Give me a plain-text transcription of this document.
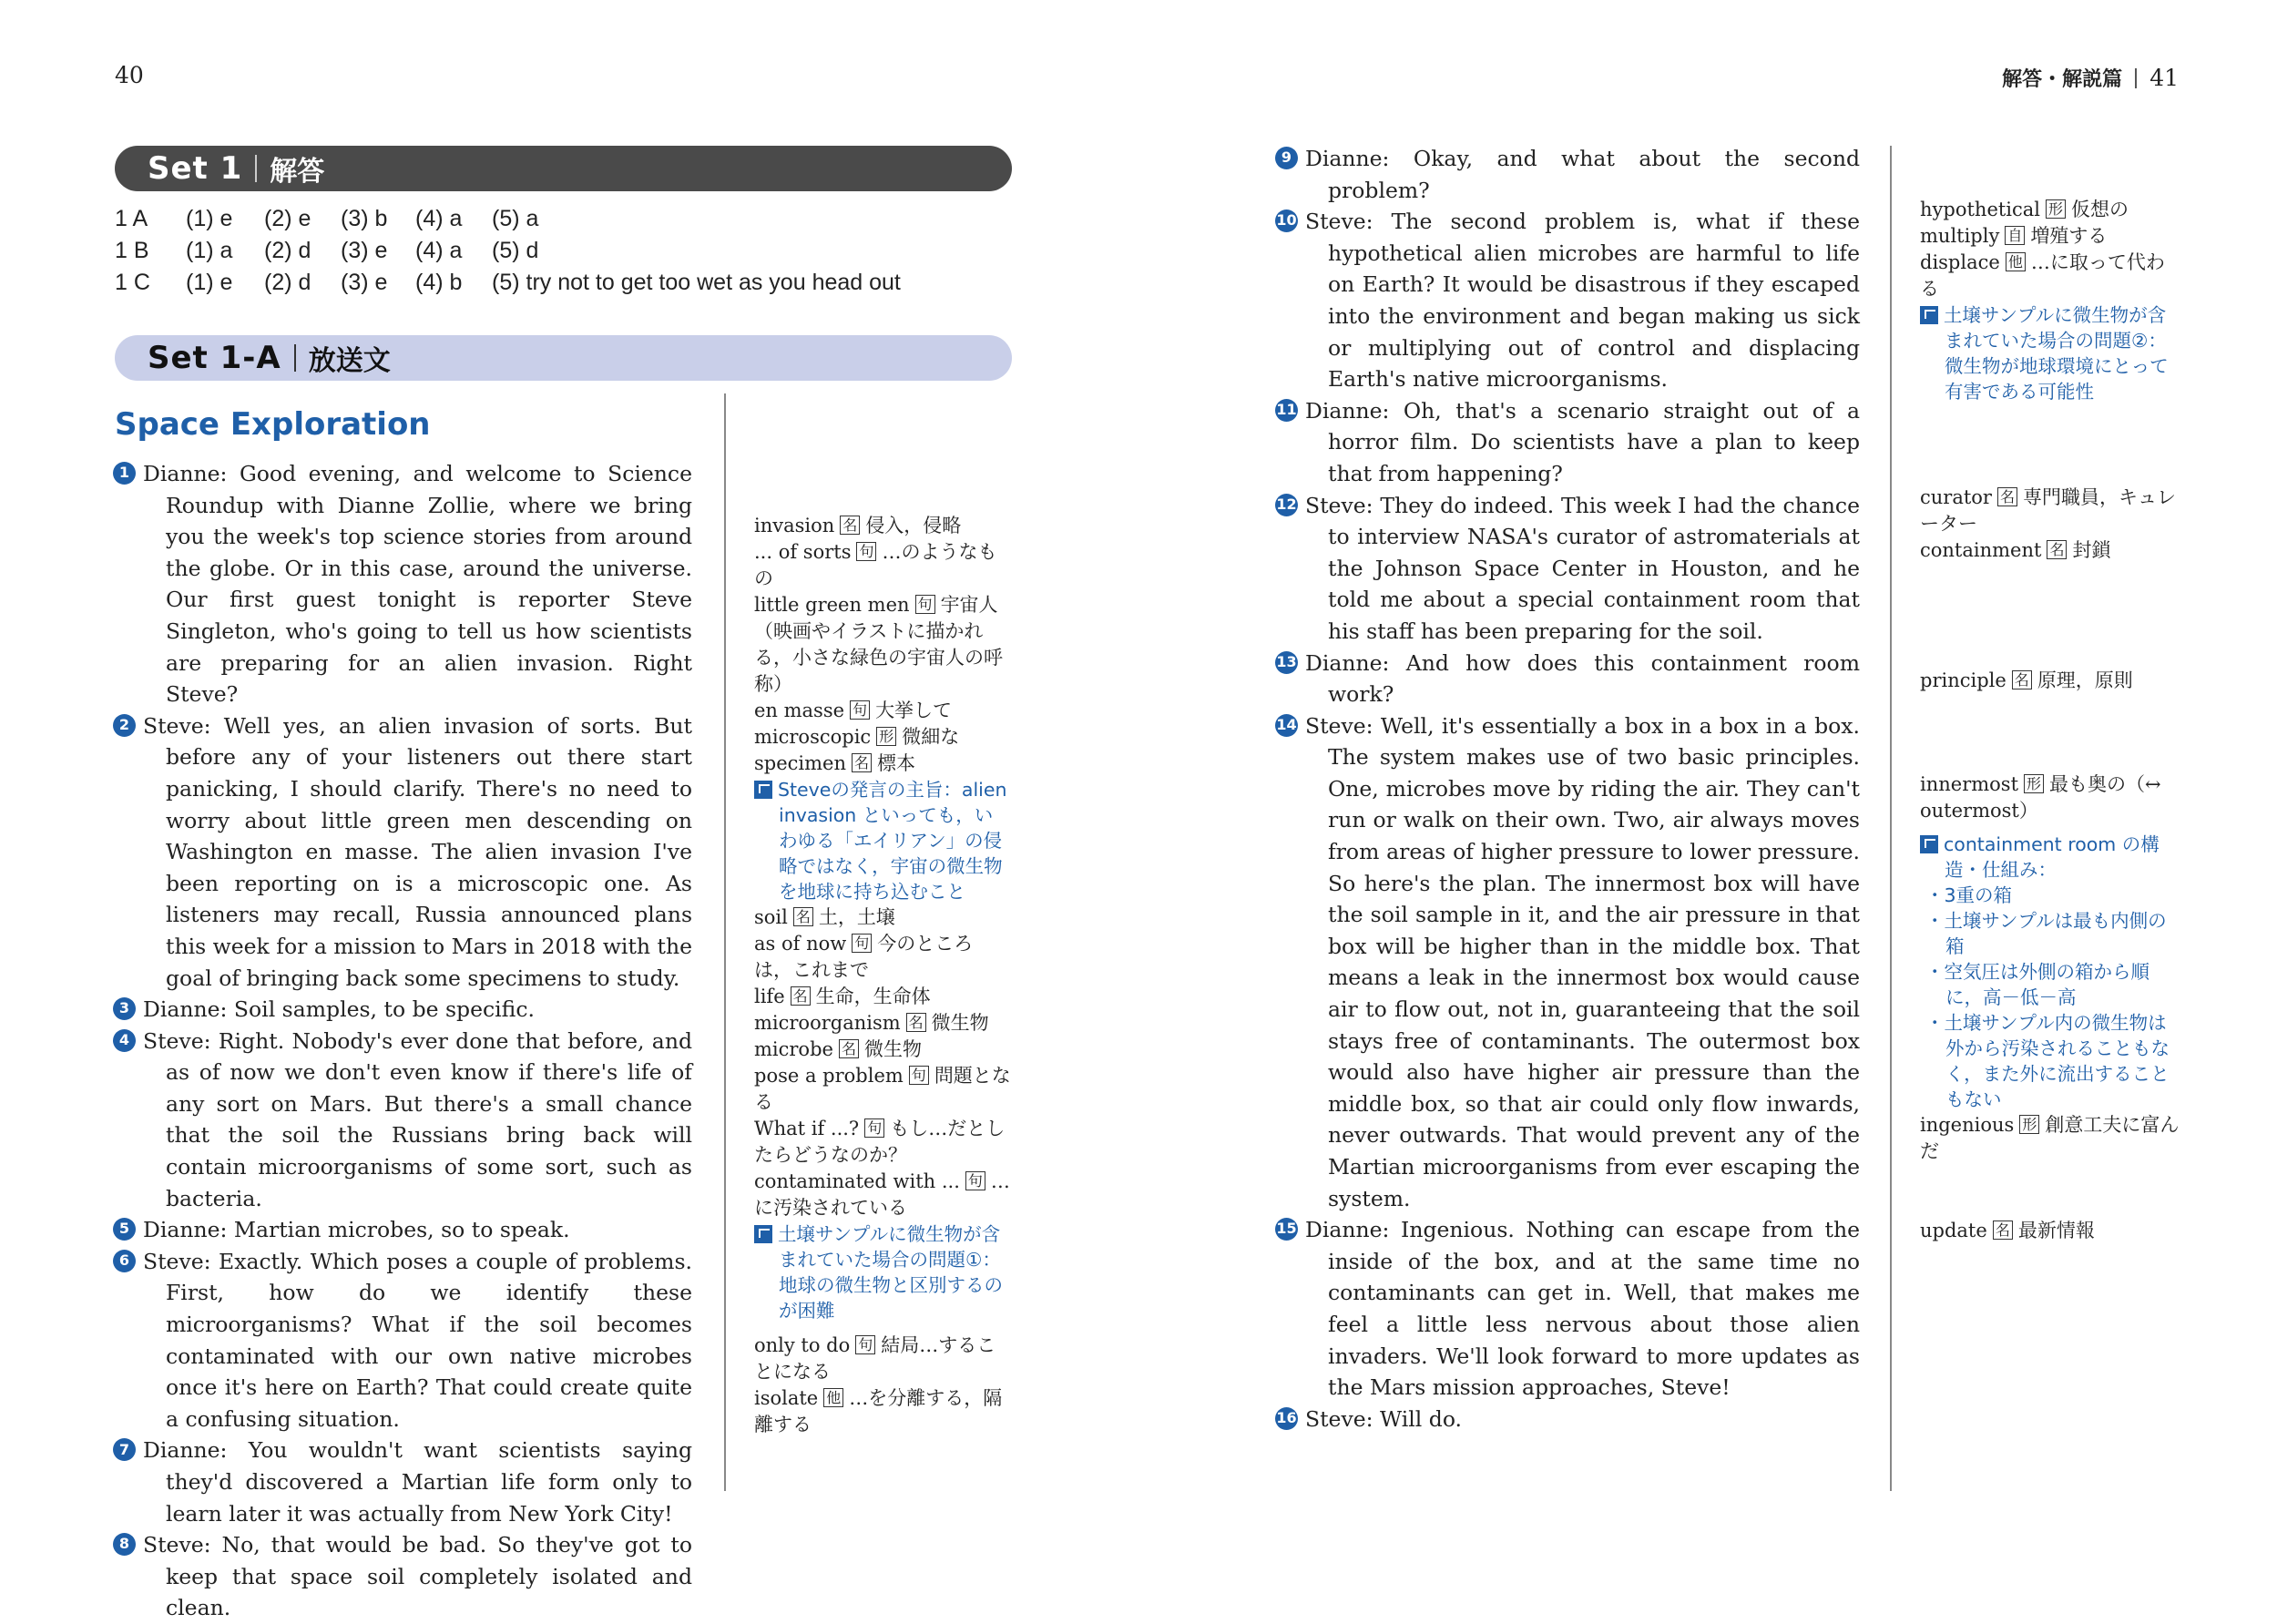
40	解答・解説篇 41
Set 1 解答
1 A (1) e (2) e (3) b (4) a (5) a
1 B (1) a (2) d (3) e (4) a (5) d
1 C (1) e (2) d (3) e (4) b (5) try not to get too wet as you head out
Set 1-A 放送文
Space Exploration
1 Dianne: Good evening, and welcome to Science Roundup with Dianne Zollie, where we bring you the week's top science stories from around the globe. Or in this case, around the universe. Our first guest tonight is reporter Steve Singleton, who's going to tell us how scientists are preparing for an alien invasion. Right Steve?
2 Steve: Well yes, an alien invasion of sorts. But before any of your listeners out there start panicking, I should clarify. There's no need to worry about little green men descending on Washington en masse. The alien invasion I've been reporting on is a microscopic one. As listeners may recall, Russia announced plans this week for a mission to Mars in 2018 with the goal of bringing back some specimens to study.
3 Dianne: Soil samples, to be specific.
4 Steve: Right. Nobody's ever done that before, and as of now we don't even know if there's life of any sort on Mars. But there's a small chance that the soil the Russians bring back will contain microorganisms of some sort, such as bacteria.
5 Dianne: Martian microbes, so to speak.
6 Steve: Exactly. Which poses a couple of problems. First, how do we identify these microorganisms? What if the soil becomes contaminated with our own native microbes once it's here on Earth? That could create quite a confusing situation.
7 Dianne: You wouldn't want scientists saying they'd discovered a Martian life form only to learn later it was actually from New York City!
8 Steve: No, that would be bad. So they've got to keep that space soil completely isolated and clean.
9 Dianne: Okay, and what about the second problem?
10 Steve: The second problem is, what if these hypothetical alien microbes are harmful to life on Earth? It would be disastrous if they escaped into the environment and began making us sick or multiplying out of control and displacing Earth's native microorganisms.
11 Dianne: Oh, that's a scenario straight out of a horror film. Do scientists have a plan to keep that from happening?
12 Steve: They do indeed. This week I had the chance to interview NASA's curator of astromaterials at the Johnson Space Center in Houston, and he told me about a special containment room that his staff has been preparing for the soil.
13 Dianne: And how does this containment room work?
14 Steve: Well, it's essentially a box in a box in a box. The system makes use of two basic principles. One, microbes move by riding the air. They can't run or walk on their own. Two, air always moves from areas of higher pressure to lower pressure. So here's the plan. The innermost box will have the soil sample in it, and the air pressure in that box will be higher than in the middle box. That means a leak in the innermost box would cause air to flow out, not in, guaranteeing that the soil stays free of contaminants. The outermost box would also have higher air pressure than the middle box, so that air could only flow inwards, never outwards. That would prevent any of the Martian microorganisms from ever escaping the system.
15 Dianne: Ingenious. Nothing can escape from the inside of the box, and at the same time no contaminants can get in. Well, that makes me feel a little less nervous about those alien invaders. We'll look forward to more updates as the Mars mission approaches, Steve!
16 Steve: Will do.
invasion 名 侵入，侵略
... of sorts 句 …のようなもの
little green men 句 宇宙人（映画やイラストに描かれる，小さな緑色の宇宙人の呼称）
en masse 句 大挙して
microscopic 形 微細な
specimen 名 標本
Steveの発言の主旨：alien invasion といっても，いわゆる「エイリアン」の侵略ではなく，宇宙の微生物を地球に持ち込むこと
soil 名 土，土壌
as of now 句 今のところは，これまで
life 名 生命，生命体
microorganism 名 微生物
microbe 名 微生物
pose a problem 句 問題となる
What if ...? 句 もし…だとしたらどうなのか？
contaminated with ... 句 …に汚染されている
土壌サンプルに微生物が含まれていた場合の問題①：地球の微生物と区別するのが困難
only to do 句 結局…することになる
isolate 他 …を分離する，隔離する
hypothetical 形 仮想の
multiply 自 増殖する
displace 他 …に取って代わる
土壌サンプルに微生物が含まれていた場合の問題②：微生物が地球環境にとって有害である可能性
curator 名 専門職員，キュレーター
containment 名 封鎖
principle 名 原理，原則
innermost 形 最も奥の（↔ outermost）
containment room の構造・仕組み：
・3重の箱
・土壌サンプルは最も内側の箱
・空気圧は外側の箱から順に，高－低－高
・土壌サンプル内の微生物は外から汚染されることもなく，また外に流出することもない
ingenious 形 創意工夫に富んだ
update 名 最新情報
